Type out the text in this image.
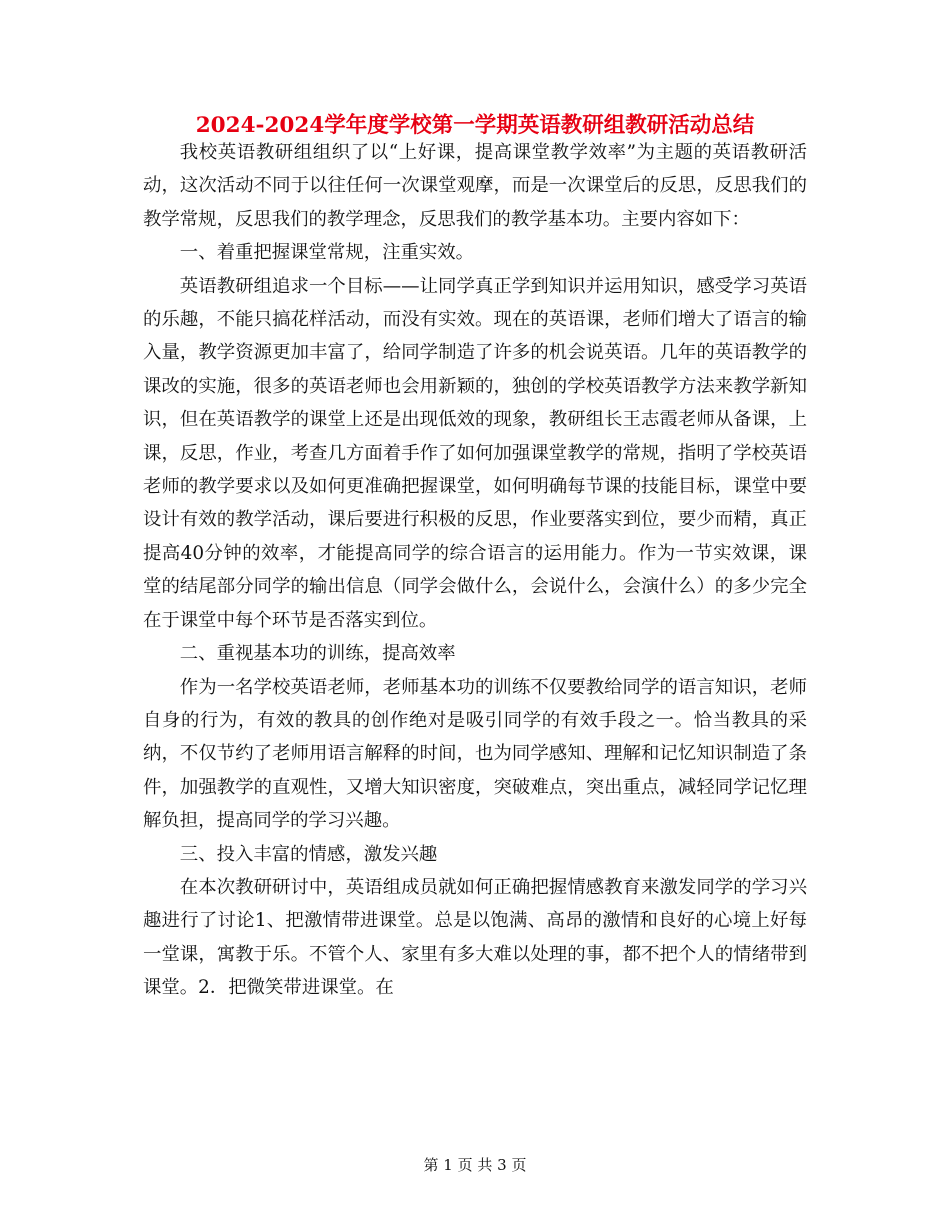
2024-2024学年度学校第一学期英语教研组教研活动总结

我校英语教研组组织了以“上好课，提高课堂教学效率”为主题的英语教研活动，这次活动不同于以往任何一次课堂观摩，而是一次课堂后的反思，反思我们的教学常规，反思我们的教学理念，反思我们的教学基本功。主要内容如下：

一、着重把握课堂常规，注重实效。

英语教研组追求一个目标——让同学真正学到知识并运用知识，感受学习英语的乐趣，不能只搞花样活动，而没有实效。现在的英语课，老师们增大了语言的输入量，教学资源更加丰富了，给同学制造了许多的机会说英语。几年的英语教学的课改的实施，很多的英语老师也会用新颖的，独创的学校英语教学方法来教学新知识，但在英语教学的课堂上还是出现低效的现象，教研组长王志霞老师从备课，上课，反思，作业，考查几方面着手作了如何加强课堂教学的常规，指明了学校英语老师的教学要求以及如何更准确把握课堂，如何明确每节课的技能目标，课堂中要设计有效的教学活动，课后要进行积极的反思，作业要落实到位，要少而精，真正提高40分钟的效率，才能提高同学的综合语言的运用能力。作为一节实效课，课堂的结尾部分同学的输出信息（同学会做什么，会说什么，会演什么）的多少完全在于课堂中每个环节是否落实到位。

二、重视基本功的训练，提高效率

作为一名学校英语老师，老师基本功的训练不仅要教给同学的语言知识，老师自身的行为，有效的教具的创作绝对是吸引同学的有效手段之一。恰当教具的采纳，不仅节约了老师用语言解释的时间，也为同学感知、理解和记忆知识制造了条件，加强教学的直观性，又增大知识密度，突破难点，突出重点，减轻同学记忆理解负担，提高同学的学习兴趣。

三、投入丰富的情感，激发兴趣

在本次教研研讨中，英语组成员就如何正确把握情感教育来激发同学的学习兴趣进行了讨论1、把激情带进课堂。总是以饱满、高昂的激情和良好的心境上好每一堂课，寓教于乐。不管个人、家里有多大难以处理的事，都不把个人的情绪带到课堂。2．把微笑带进课堂。在

第 1 页 共 3 页
